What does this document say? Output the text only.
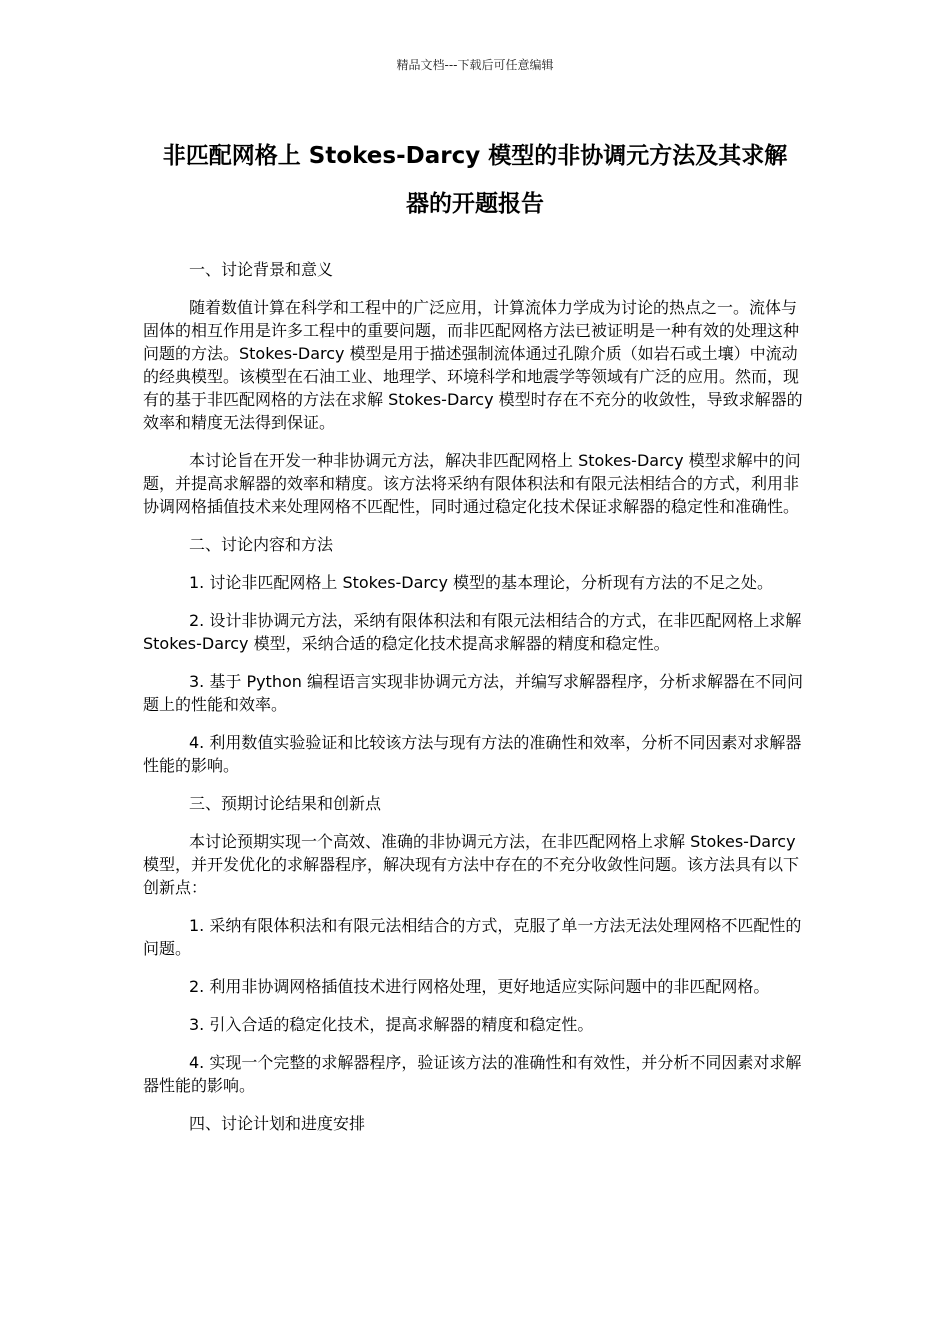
精品文档---下载后可任意编辑
非匹配网格上 Stokes-Darcy 模型的非协调元方法及其求解
器的开题报告

一、讨论背景和意义

随着数值计算在科学和工程中的广泛应用，计算流体力学成为讨论的热点之一。流体与固体的相互作用是许多工程中的重要问题，而非匹配网格方法已被证明是一种有效的处理这种问题的方法。Stokes-Darcy 模型是用于描述强制流体通过孔隙介质（如岩石或土壤）中流动的经典模型。该模型在石油工业、地理学、环境科学和地震学等领域有广泛的应用。然而，现有的基于非匹配网格的方法在求解 Stokes-Darcy 模型时存在不充分的收敛性，导致求解器的效率和精度无法得到保证。

本讨论旨在开发一种非协调元方法，解决非匹配网格上 Stokes-Darcy 模型求解中的问题，并提高求解器的效率和精度。该方法将采纳有限体积法和有限元法相结合的方式，利用非协调网格插值技术来处理网格不匹配性，同时通过稳定化技术保证求解器的稳定性和准确性。

二、讨论内容和方法

1. 讨论非匹配网格上 Stokes-Darcy 模型的基本理论，分析现有方法的不足之处。

2. 设计非协调元方法，采纳有限体积法和有限元法相结合的方式，在非匹配网格上求解 Stokes-Darcy 模型，采纳合适的稳定化技术提高求解器的精度和稳定性。

3. 基于 Python 编程语言实现非协调元方法，并编写求解器程序，分析求解器在不同问题上的性能和效率。

4. 利用数值实验验证和比较该方法与现有方法的准确性和效率，分析不同因素对求解器性能的影响。

三、预期讨论结果和创新点

本讨论预期实现一个高效、准确的非协调元方法，在非匹配网格上求解 Stokes-Darcy 模型，并开发优化的求解器程序，解决现有方法中存在的不充分收敛性问题。该方法具有以下创新点：

1. 采纳有限体积法和有限元法相结合的方式，克服了单一方法无法处理网格不匹配性的问题。

2. 利用非协调网格插值技术进行网格处理，更好地适应实际问题中的非匹配网格。

3. 引入合适的稳定化技术，提高求解器的精度和稳定性。

4. 实现一个完整的求解器程序，验证该方法的准确性和有效性，并分析不同因素对求解器性能的影响。

四、讨论计划和进度安排
